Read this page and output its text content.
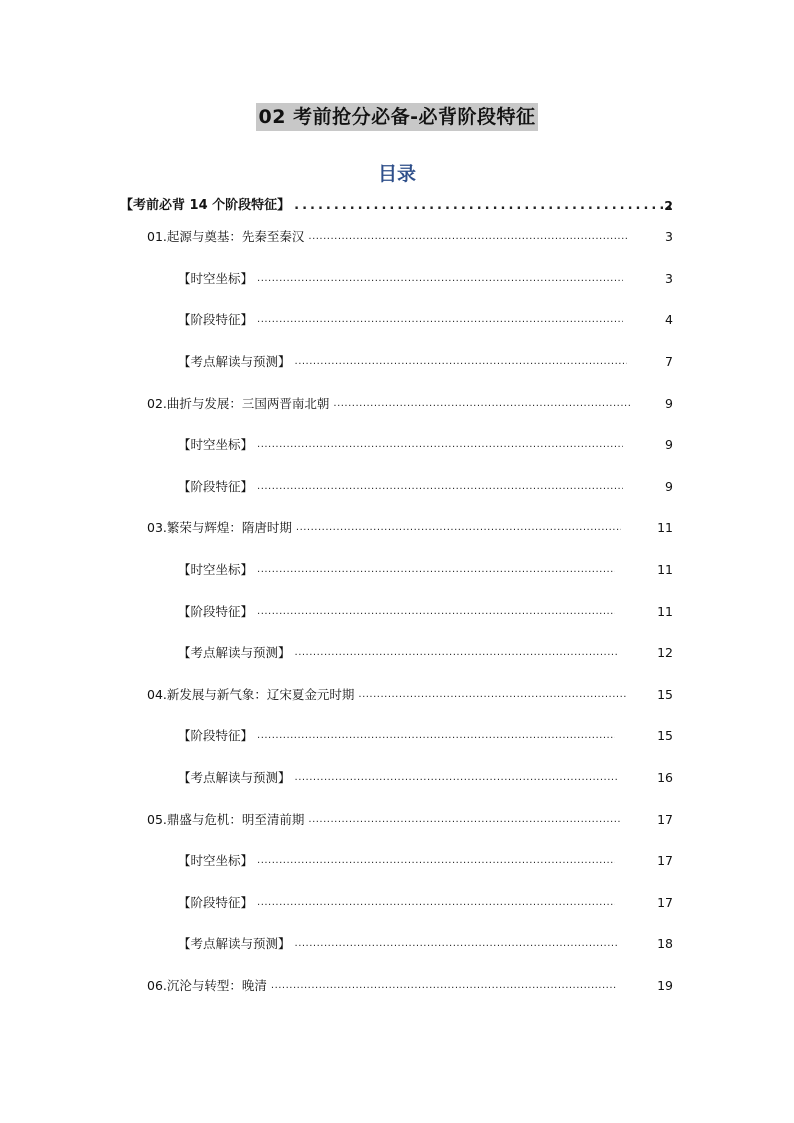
02 考前抢分必备-必背阶段特征
目录
【考前必背 14 个阶段特征】 .....	2
01.起源与奠基：先秦至秦汉 .....	3
【时空坐标】 .....	3
【阶段特征】 .....	4
【考点解读与预测】 .....	7
02.曲折与发展：三国两晋南北朝 .....	9
【时空坐标】 .....	9
【阶段特征】 .....	9
03.繁荣与辉煌：隋唐时期 .....	11
【时空坐标】 .....	11
【阶段特征】 .....	11
【考点解读与预测】 .....	12
04.新发展与新气象：辽宋夏金元时期 .....	15
【阶段特征】 .....	15
【考点解读与预测】 .....	16
05.鼎盛与危机：明至清前期 .....	17
【时空坐标】 .....	17
【阶段特征】 .....	17
【考点解读与预测】 .....	18
06.沉沦与转型：晚清 .....	19
